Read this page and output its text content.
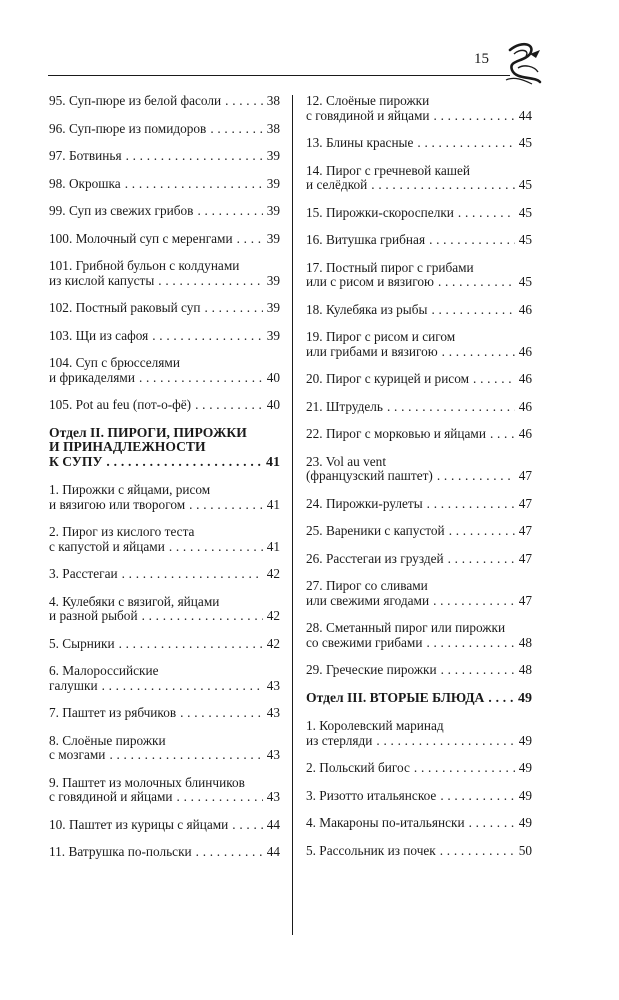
15
95. Суп-пюре из белой фасоли . . .	38
96. Суп-пюре из помидоров . . .	38
97. Ботвинья . . .	39
98. Окрошка . . .	39
99. Суп из свежих грибов . . .	39
100. Молочный суп с меренгами . . .	39
101. Грибной бульон с колдунами
из кислой капусты . . .	39
102. Постный раковый суп . . .	39
103. Щи из сафоя . . .	39
104. Суп с брюсселями
и фрикаделями . . .	40
105. Pot au feu (пот-о-фё) . . .	40
Отдел II. ПИРОГИ, ПИРОЖКИ
И ПРИНАДЛЕЖНОСТИ
К СУПУ . . .	41
1. Пирожки с яйцами, рисом
и вязигою или творогом . . .	41
2. Пирог из кислого теста
с капустой и яйцами . . .	41
3. Расстегаи . . .	42
4. Кулебяки с вязигой, яйцами
и разной рыбой . . .	42
5. Сырники . . .	42
6. Малороссийские
галушки . . .	43
7. Паштет из рябчиков . . .	43
8. Слоёные пирожки
с мозгами . . .	43
9. Паштет из молочных блинчиков
с говядиной и яйцами . . .	43
10. Паштет из курицы с яйцами . . .	44
11. Ватрушка по-польски . . .	44
12. Слоёные пирожки
с говядиной и яйцами . . .	44
13. Блины красные . . .	45
14. Пирог с гречневой кашей
и селёдкой . . .	45
15. Пирожки-скороспелки . . .	45
16. Витушка грибная . . .	45
17. Постный пирог с грибами
или с рисом и вязигою . . .	45
18. Кулебяка из рыбы . . .	46
19. Пирог с рисом и сигом
или грибами и вязигою . . .	46
20. Пирог с курицей и рисом . . .	46
21. Штрудель . . .	46
22. Пирог с морковью и яйцами . . . 46
23. Vol au vent
(французский паштет) . . .	47
24. Пирожки-рулеты . . .	47
25. Вареники с капустой . . .	47
26. Расстегаи из груздей . . .	47
27. Пирог со сливами
или свежими ягодами . . .	47
28. Сметанный пирог или пирожки
со свежими грибами . . .	48
29. Греческие пирожки . . .	48
Отдел III. ВТОРЫЕ БЛЮДА . . . 49
1. Королевский маринад
из стерляди . . .	49
2. Польский бигос . . .	49
3. Ризотто итальянское . . .	49
4. Макароны по-итальянски . . .	49
5. Рассольник из почек . . .	50
